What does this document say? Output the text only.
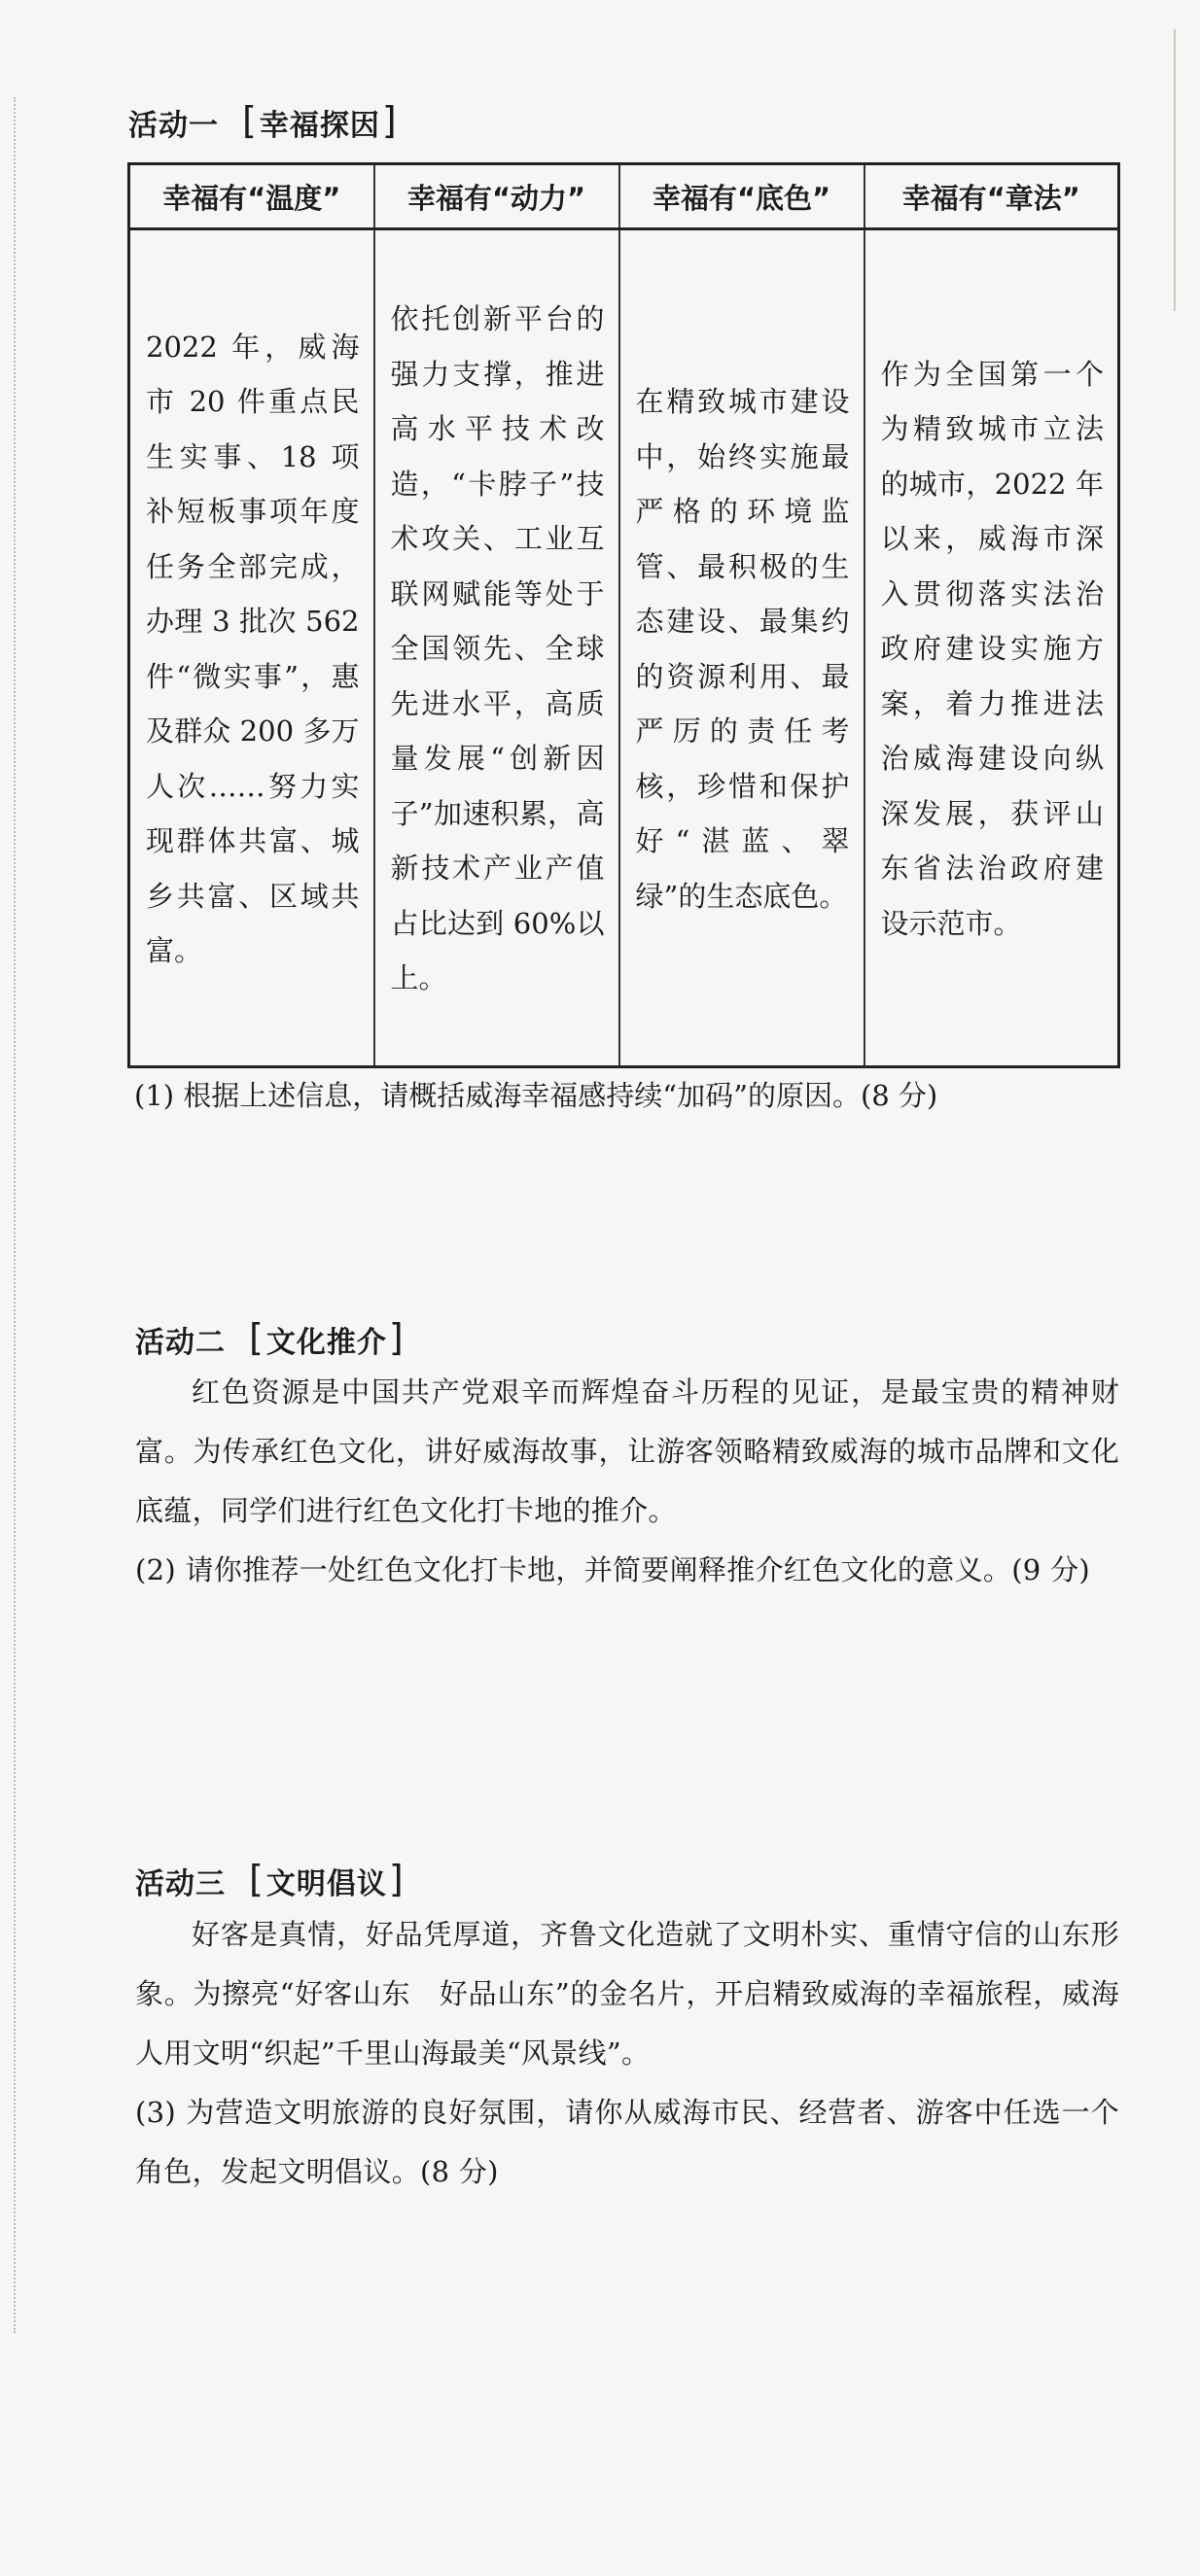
活动一 [ 幸福探因 ]
幸福有“温度”	幸福有“动力”	幸福有“底色”	幸福有“章法”
2022 年，威海市 20 件重点民生实事、18 项补短板事项年度任务全部完成，办理 3 批次 562 件“微实事”，惠及群众 200 多万人次……努力实现群体共富、城乡共富、区域共富。	依托创新平台的强力支撑，推进高水平技术改造，“卡脖子”技术攻关、工业互联网赋能等处于全国领先、全球先进水平，高质量发展“创新因子”加速积累，高新技术产业产值占比达到 60%以上。	在精致城市建设中，始终实施最严格的环境监管、最积极的生态建设、最集约的资源利用、最严厉的责任考核，珍惜和保护好“湛蓝、翠绿”的生态底色。	作为全国第一个为精致城市立法的城市，2022 年以来，威海市深入贯彻落实法治政府建设实施方案，着力推进法治威海建设向纵深发展，获评山东省法治政府建设示范市。
(1) 根据上述信息，请概括威海幸福感持续“加码”的原因。(8 分)
活动二 [ 文化推介 ]
红色资源是中国共产党艰辛而辉煌奋斗历程的见证，是最宝贵的精神财富。为传承红色文化，讲好威海故事，让游客领略精致威海的城市品牌和文化底蕴，同学们进行红色文化打卡地的推介。
(2) 请你推荐一处红色文化打卡地，并简要阐释推介红色文化的意义。(9 分)
活动三 [ 文明倡议 ]
好客是真情，好品凭厚道，齐鲁文化造就了文明朴实、重情守信的山东形象。为擦亮“好客山东　好品山东”的金名片，开启精致威海的幸福旅程，威海人用文明“织起”千里山海最美“风景线”。
(3) 为营造文明旅游的良好氛围，请你从威海市民、经营者、游客中任选一个角色，发起文明倡议。(8 分)
